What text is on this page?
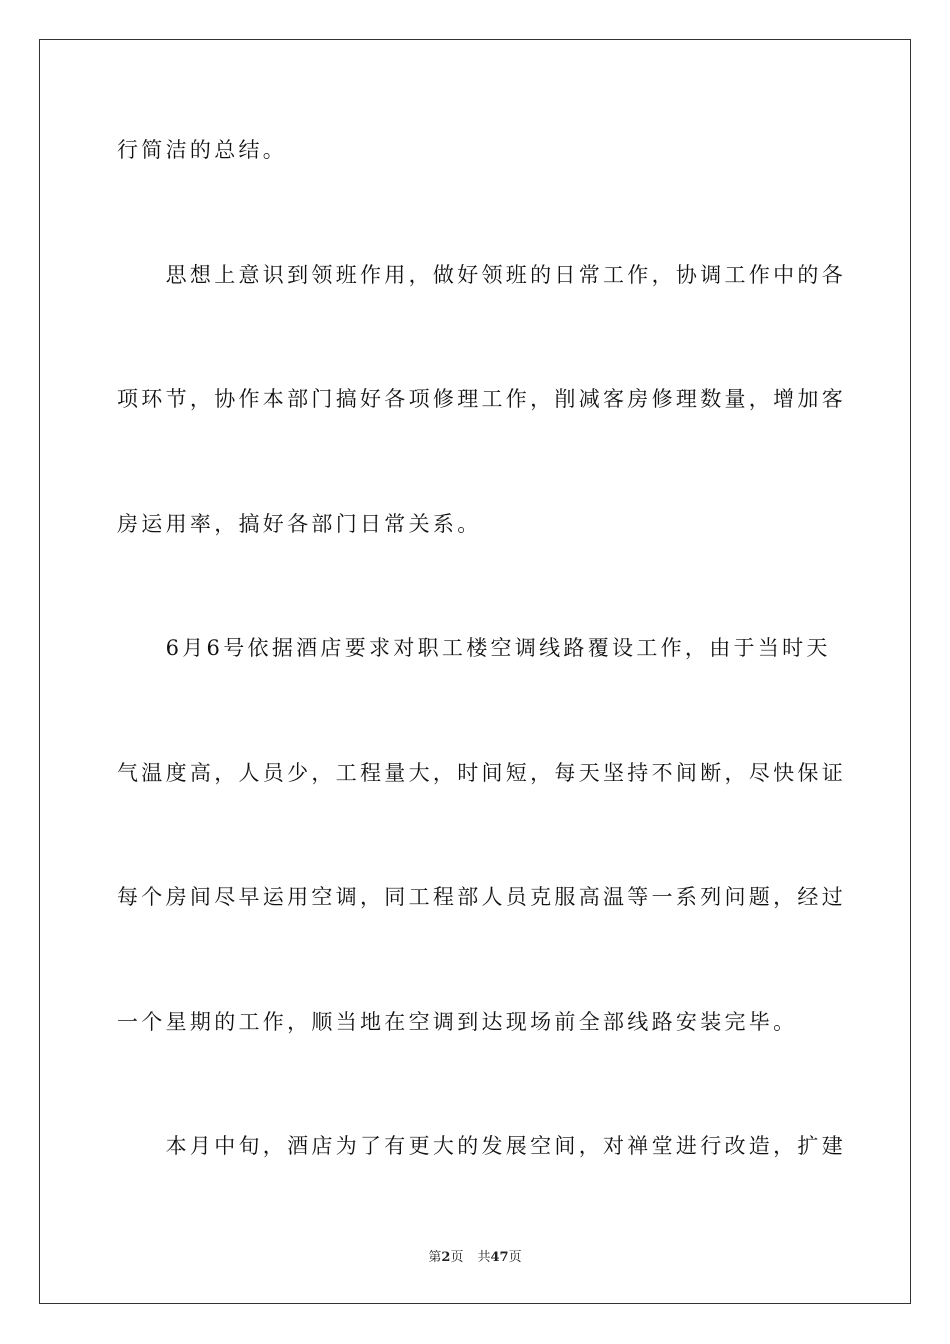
行简洁的总结。
　　思想上意识到领班作用，做好领班的日常工作，协调工作中的各
项环节，协作本部门搞好各项修理工作，削减客房修理数量，增加客
房运用率，搞好各部门日常关系。
　　6月6号依据酒店要求对职工楼空调线路覆设工作，由于当时天
气温度高，人员少，工程量大，时间短，每天坚持不间断，尽快保证
每个房间尽早运用空调，同工程部人员克服高温等一系列问题，经过
一个星期的工作，顺当地在空调到达现场前全部线路安装完毕。
　　本月中旬，酒店为了有更大的发展空间，对禅堂进行改造，扩建
第2页 共47页
